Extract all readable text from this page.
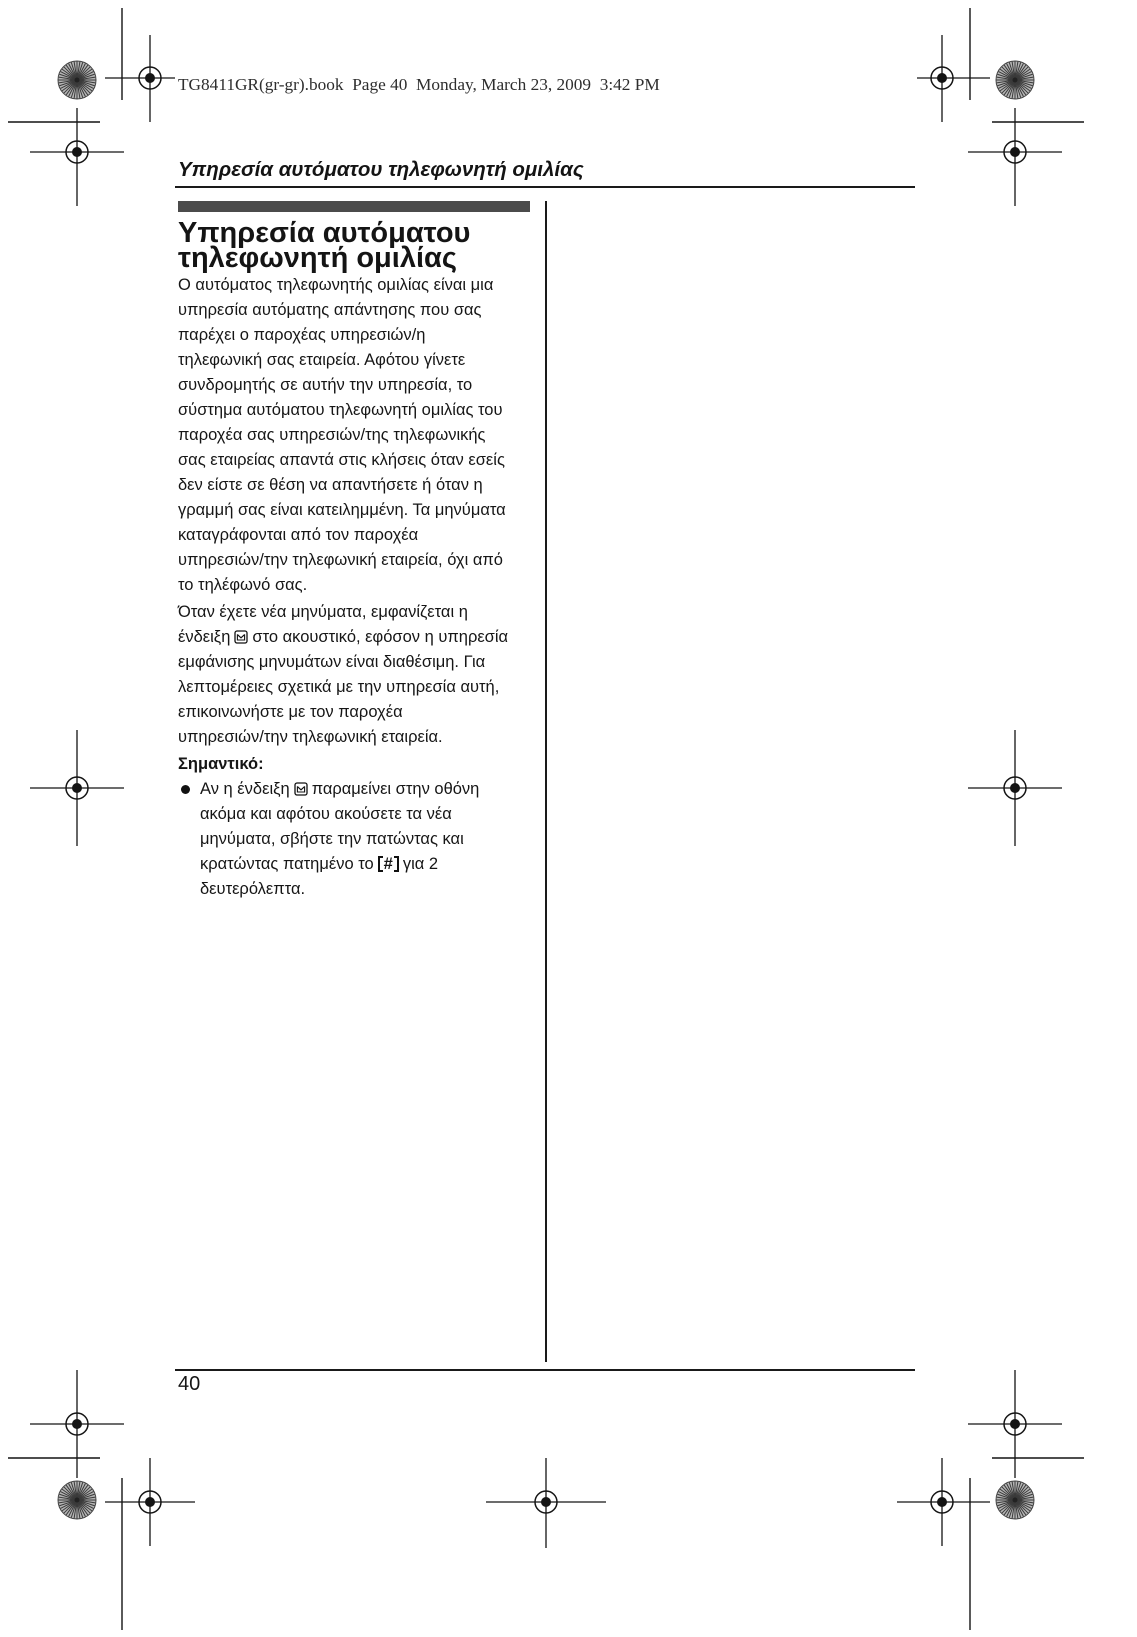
TG8411GR(gr-gr).book  Page 40  Monday, March 23, 2009  3:42 PM
Υπηρεσία αυτόματου τηλεφωνητή ομιλίας
Υπηρεσία αυτόματου
τηλεφωνητή ομιλίας
Ο αυτόματος τηλεφωνητής ομιλίας είναι μια
υπηρεσία αυτόματης απάντησης που σας
παρέχει ο παροχέας υπηρεσιών/η
τηλεφωνική σας εταιρεία. Αφότου γίνετε
συνδρομητής σε αυτήν την υπηρεσία, το
σύστημα αυτόματου τηλεφωνητή ομιλίας του
παροχέα σας υπηρεσιών/της τηλεφωνικής
σας εταιρείας απαντά στις κλήσεις όταν εσείς
δεν είστε σε θέση να απαντήσετε ή όταν η
γραμμή σας είναι κατειλημμένη. Τα μηνύματα
καταγράφονται από τον παροχέα
υπηρεσιών/την τηλεφωνική εταιρεία, όχι από
το τηλέφωνό σας.
Όταν έχετε νέα μηνύματα, εμφανίζεται η
ένδειξη στο ακουστικό, εφόσον η υπηρεσία
εμφάνισης μηνυμάτων είναι διαθέσιμη. Για
λεπτομέρειες σχετικά με την υπηρεσία αυτή,
επικοινωνήστε με τον παροχέα
υπηρεσιών/την τηλεφωνική εταιρεία.
Σημαντικό:
Αν η ένδειξη παραμείνει στην οθόνη
ακόμα και αφότου ακούσετε τα νέα
μηνύματα, σβήστε την πατώντας και
κρατώντας πατημένο το # για 2
δευτερόλεπτα.
40
